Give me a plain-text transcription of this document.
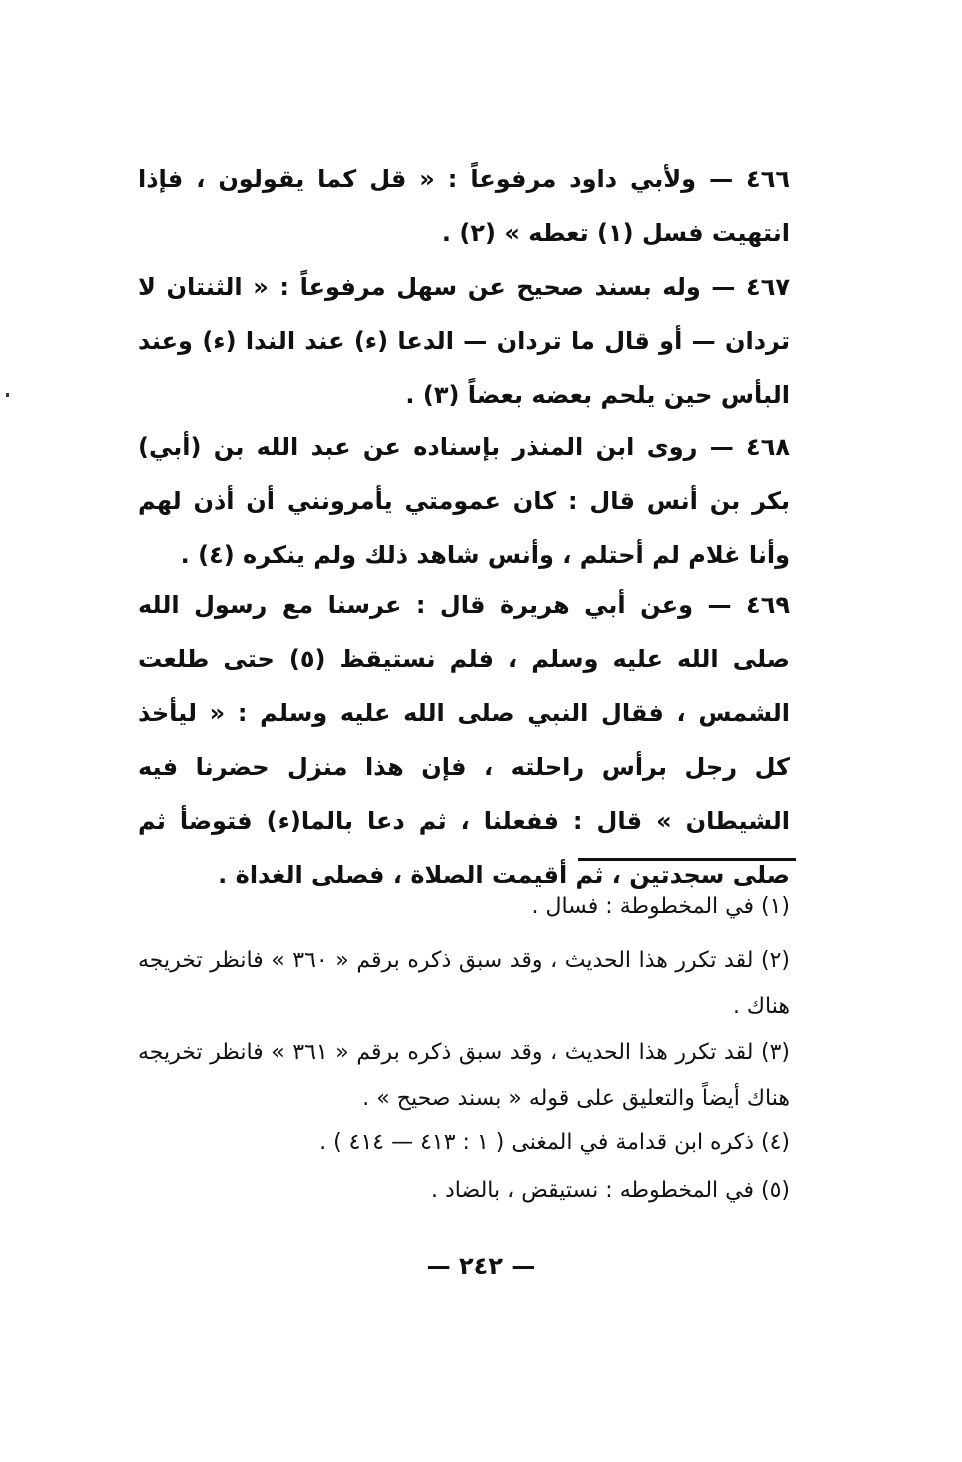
٤٦٦ — ولأبي داود مرفوعاً : « قل كما يقولون ، فإذا انتهيت فسل (١) تعطه » (٢) .

٤٦٧ — وله بسند صحيح عن سهل مرفوعاً : « الثنتان لا تردان — أو قال ما تردان — الدعا (ء) عند الندا (ء) وعند البأس حين يلحم بعضه بعضاً (٣) .

٤٦٨ — روى ابن المنذر بإسناده عن عبد الله بن (أبي) بكر بن أنس قال : كان عمومتي يأمرونني أن أذن لهم وأنا غلام لم أحتلم ، وأنس شاهد ذلك ولم ينكره (٤) .

٤٦٩ — وعن أبي هريرة قال : عرسنا مع رسول الله صلى الله عليه وسلم ، فلم نستيقظ (٥) حتى طلعت الشمس ، فقال النبي صلى الله عليه وسلم : « ليأخذ كل رجل برأس راحلته ، فإن هذا منزل حضرنا فيه الشيطان » قال : ففعلنا ، ثم دعا بالما(ء) فتوضأ ثم صلى سجدتين ، ثم أقيمت الصلاة ، فصلى الغداة .

(١) في المخطوطة : فسال .

(٢) لقد تكرر هذا الحديث ، وقد سبق ذكره برقم « ٣٦٠ » فانظر تخريجه هناك .

(٣) لقد تكرر هذا الحديث ، وقد سبق ذكره برقم « ٣٦١ » فانظر تخريجه هناك أيضاً والتعليق على قوله « بسند صحيح » .

(٤) ذكره ابن قدامة في المغنى ( ١ : ٤١٣ — ٤١٤ ) .

(٥) في المخطوطه : نستيقض ، بالضاد .

— ٢٤٢ —
